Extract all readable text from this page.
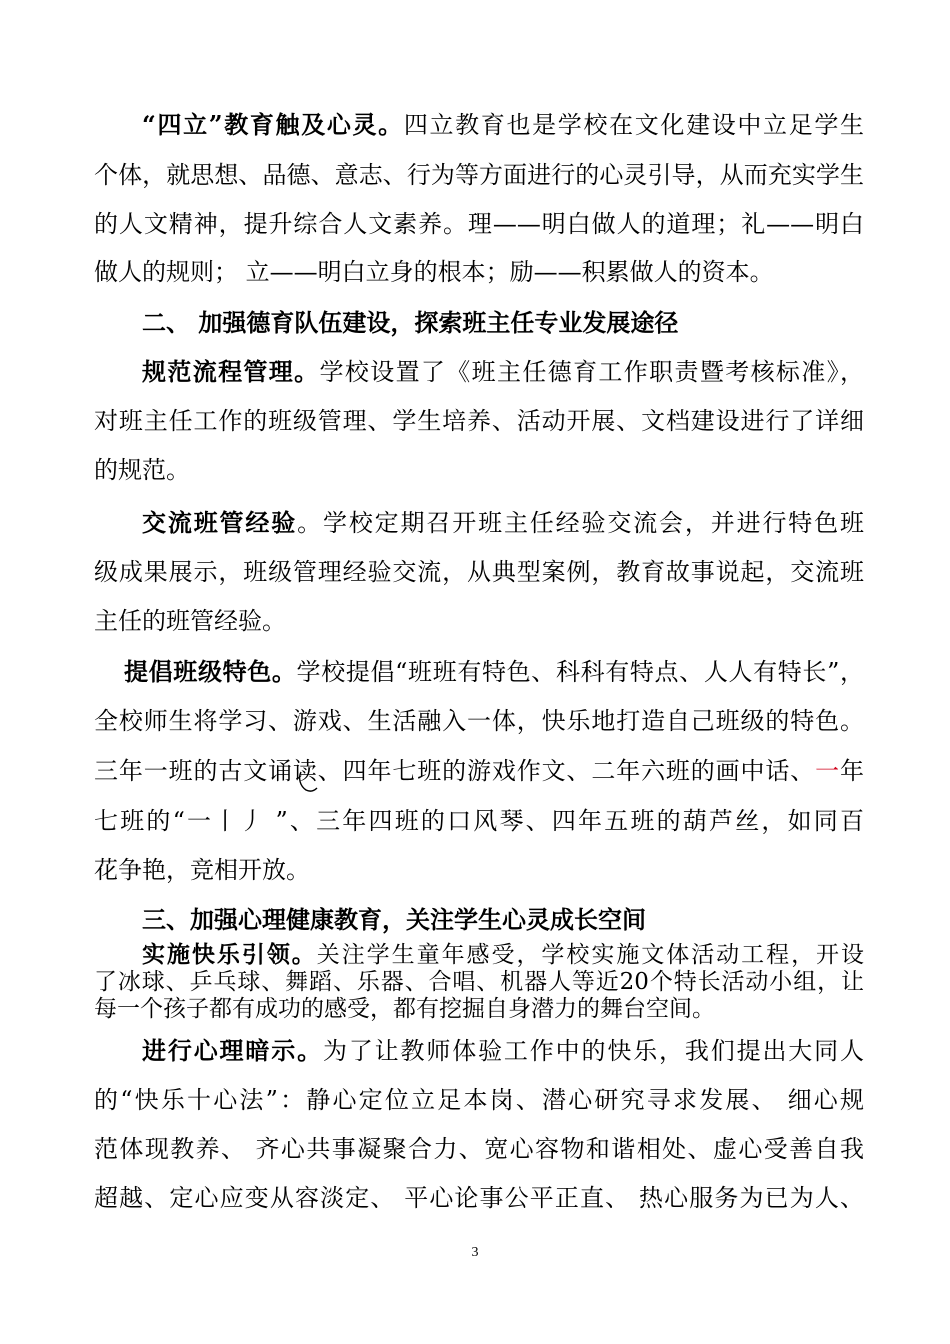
“四立”教育触及心灵。四立教育也是学校在文化建设中立足学生
个体，就思想、品德、意志、行为等方面进行的心灵引导，从而充实学生
的人文精神，提升综合人文素养。理——明白做人的道理；礼——明白
做人的规则； 立——明白立身的根本；励——积累做人的资本。
二、 加强德育队伍建设，探索班主任专业发展途径
规范流程管理。学校设置了《班主任德育工作职责暨考核标准》，
对班主任工作的班级管理、学生培养、活动开展、文档建设进行了详细
的规范。
交流班管经验。学校定期召开班主任经验交流会，并进行特色班
级成果展示，班级管理经验交流，从典型案例，教育故事说起，交流班
主任的班管经验。
提倡班级特色。学校提倡“班班有特色、科科有特点、人人有特长”，
全校师生将学习、游戏、生活融入一体，快乐地打造自己班级的特色。
三年一班的古文诵读、四年七班的游戏作文、二年六班的画中话、一年
七班的“一丨丿 ”、三年四班的口风琴、四年五班的葫芦丝，如同百
花争艳，竞相开放。
三、加强心理健康教育，关注学生心灵成长空间
实施快乐引领。关注学生童年感受，学校实施文体活动工程，开设
了冰球、乒乓球、舞蹈、乐器、合唱、机器人等近20个特长活动小组，让
每一个孩子都有成功的感受，都有挖掘自身潜力的舞台空间。
进行心理暗示。为了让教师体验工作中的快乐，我们提出大同人
的“快乐十心法”：静心定位立足本岗、潜心研究寻求发展、 细心规
范体现教养、 齐心共事凝聚合力、宽心容物和谐相处、虚心受善自我
超越、定心应变从容淡定、 平心论事公平正直、 热心服务为已为人、
3
